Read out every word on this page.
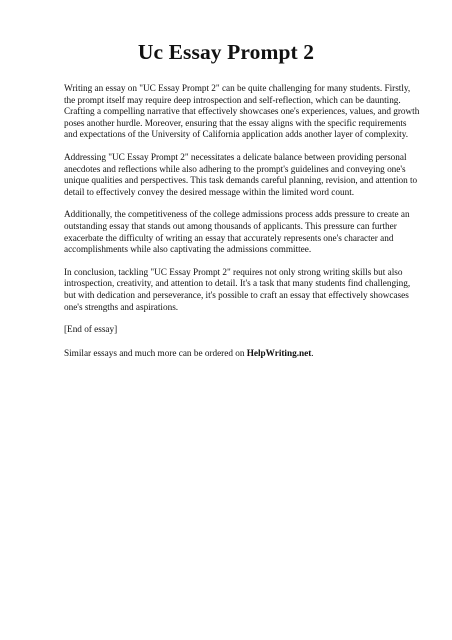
Uc Essay Prompt 2

Writing an essay on "UC Essay Prompt 2" can be quite challenging for many students. Firstly, the prompt itself may require deep introspection and self-reflection, which can be daunting. Crafting a compelling narrative that effectively showcases one's experiences, values, and growth poses another hurdle. Moreover, ensuring that the essay aligns with the specific requirements and expectations of the University of California application adds another layer of complexity.

Addressing "UC Essay Prompt 2" necessitates a delicate balance between providing personal anecdotes and reflections while also adhering to the prompt's guidelines and conveying one's unique qualities and perspectives. This task demands careful planning, revision, and attention to detail to effectively convey the desired message within the limited word count.

Additionally, the competitiveness of the college admissions process adds pressure to create an outstanding essay that stands out among thousands of applicants. This pressure can further exacerbate the difficulty of writing an essay that accurately represents one's character and accomplishments while also captivating the admissions committee.

In conclusion, tackling "UC Essay Prompt 2" requires not only strong writing skills but also introspection, creativity, and attention to detail. It's a task that many students find challenging, but with dedication and perseverance, it's possible to craft an essay that effectively showcases one's strengths and aspirations.

[End of essay]

Similar essays and much more can be ordered on HelpWriting.net.
